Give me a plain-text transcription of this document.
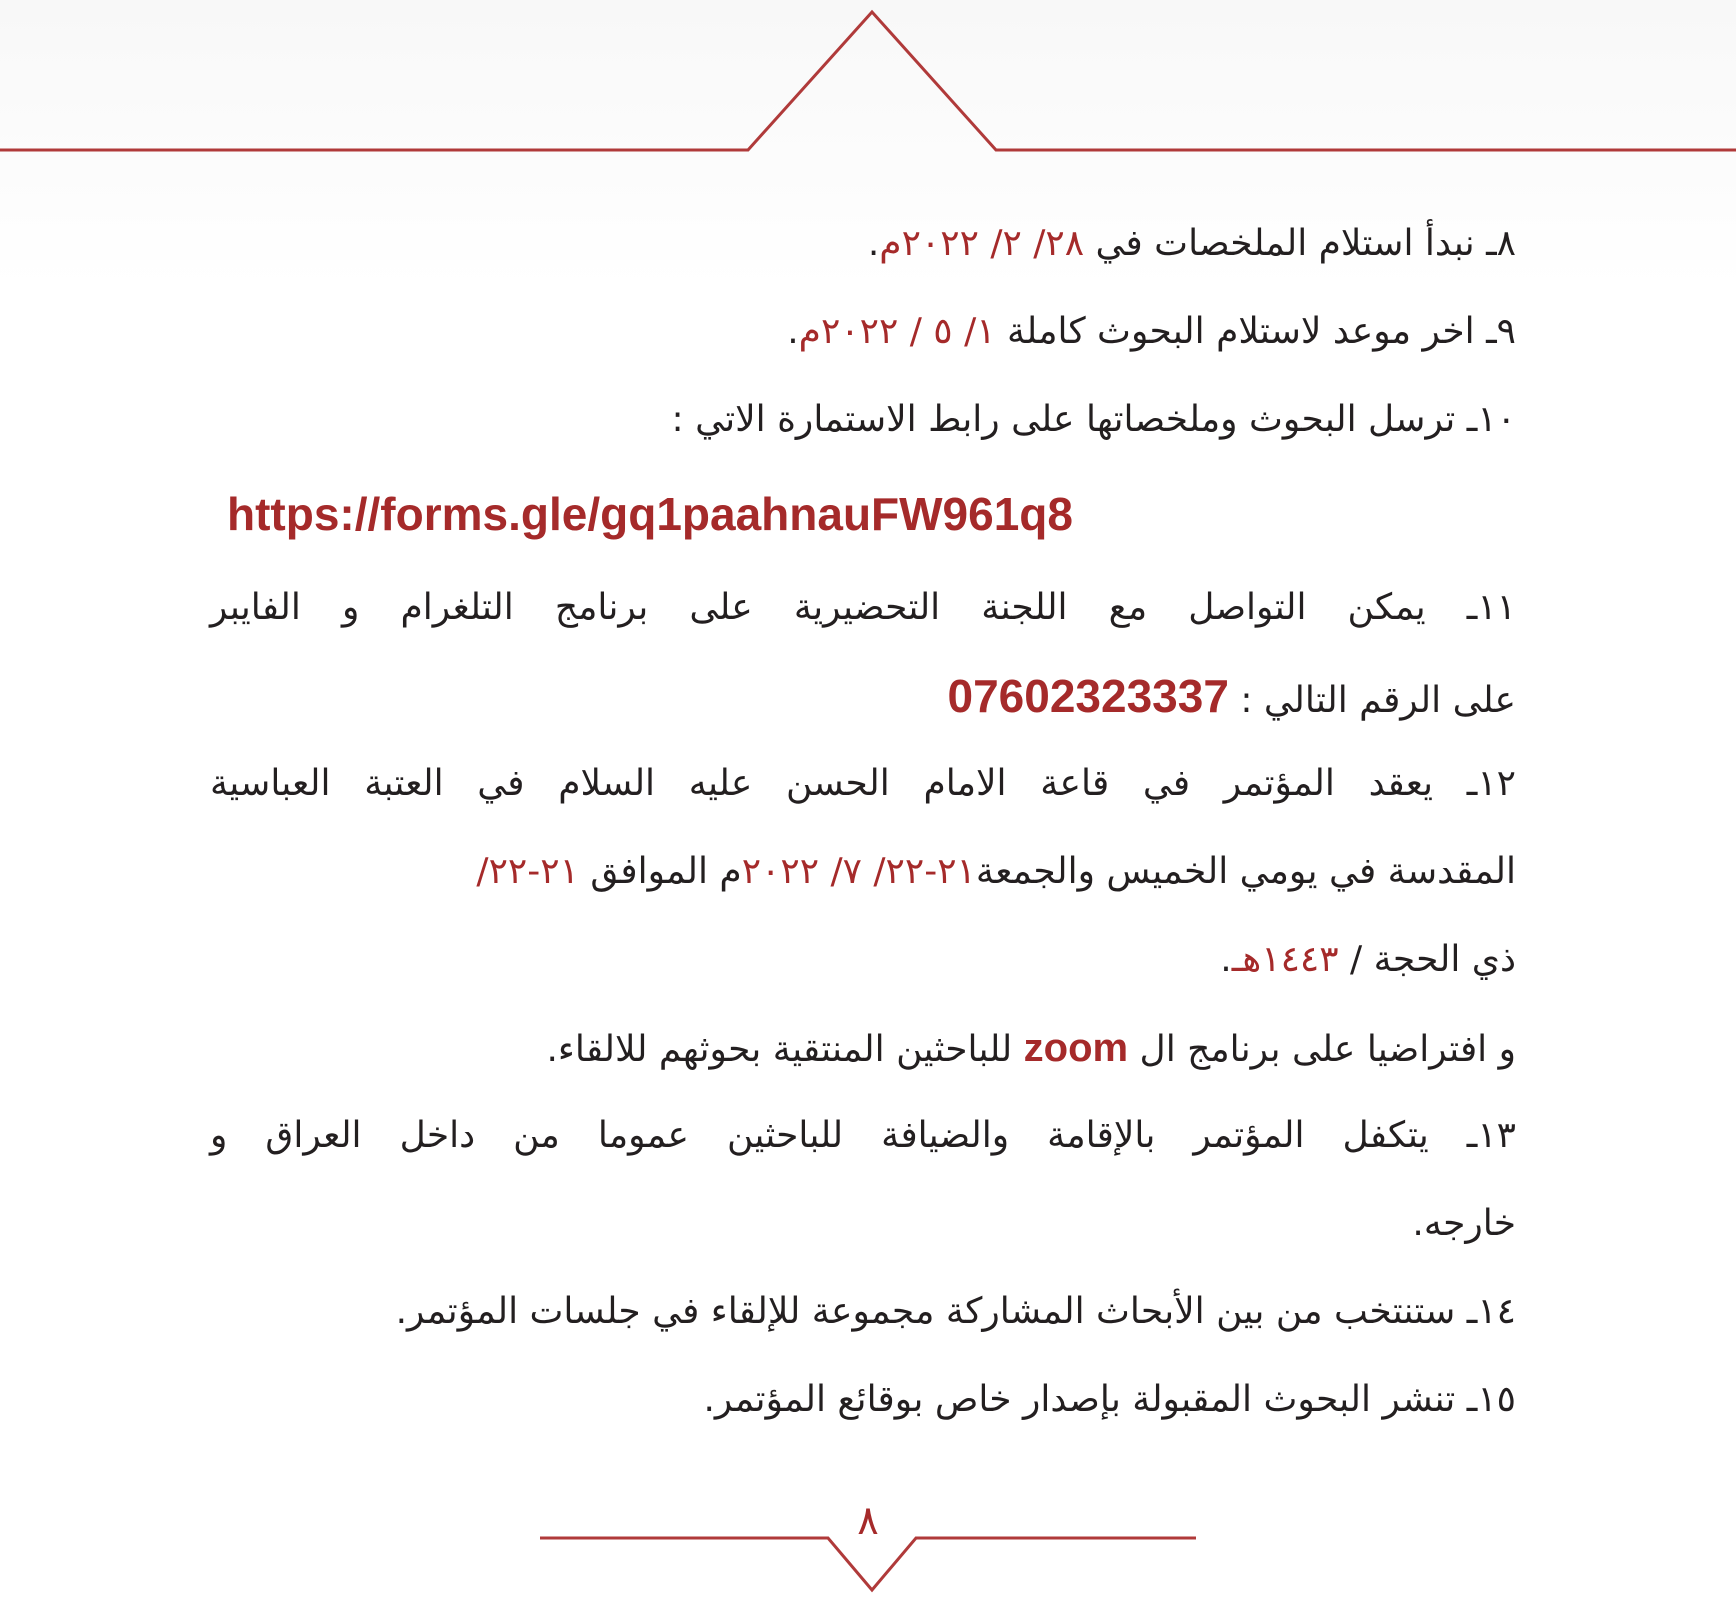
٨ـ نبدأ استلام الملخصات في ٢٨/ ٢/ ٢٠٢٢م.
٩ـ اخر موعد لاستلام البحوث كاملة ١/ ٥ / ٢٠٢٢م.
١٠ـ ترسل البحوث وملخصاتها على رابط الاستمارة الاتي :
https://forms.gle/gq1paahnauFW961q8
١١ـ يمكن التواصل مع اللجنة التحضيرية على برنامج التلغرام و الفايبر
على الرقم التالي : 07602323337
١٢ـ يعقد المؤتمر في قاعة الامام الحسن عليه السلام في العتبة العباسية
المقدسة في يومي الخميس والجمعة٢١-٢٢/ ٧/ ٢٠٢٢م الموافق ٢١-٢٢/
ذي الحجة / ١٤٤٣هـ.
و افتراضيا على برنامج ال zoom للباحثين المنتقية بحوثهم للالقاء.
١٣ـ يتكفل المؤتمر بالإقامة والضيافة للباحثين عموما من داخل العراق و
خارجه.
١٤ـ ستنتخب من بين الأبحاث المشاركة مجموعة للإلقاء في جلسات المؤتمر.
١٥ـ تنشر البحوث المقبولة بإصدار خاص بوقائع المؤتمر.
٨
